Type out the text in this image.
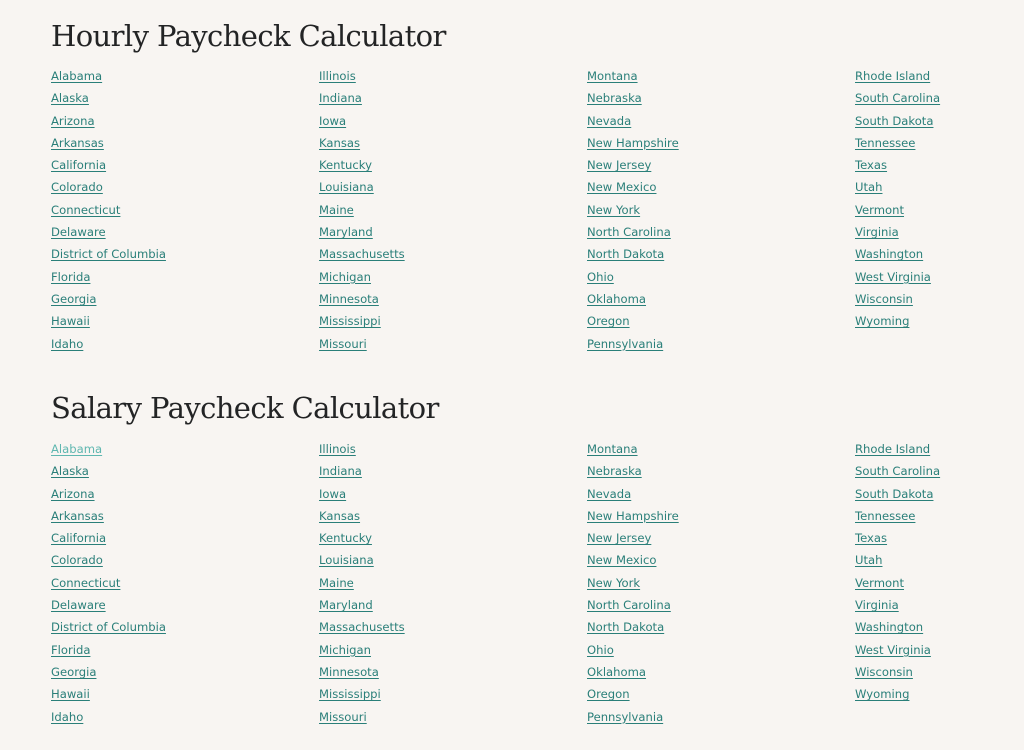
Hourly Paycheck Calculator
Alabama
Alaska
Arizona
Arkansas
California
Colorado
Connecticut
Delaware
District of Columbia
Florida
Georgia
Hawaii
Idaho
Illinois
Indiana
Iowa
Kansas
Kentucky
Louisiana
Maine
Maryland
Massachusetts
Michigan
Minnesota
Mississippi
Missouri
Montana
Nebraska
Nevada
New Hampshire
New Jersey
New Mexico
New York
North Carolina
North Dakota
Ohio
Oklahoma
Oregon
Pennsylvania
Rhode Island
South Carolina
South Dakota
Tennessee
Texas
Utah
Vermont
Virginia
Washington
West Virginia
Wisconsin
Wyoming
Salary Paycheck Calculator
Alabama
Alaska
Arizona
Arkansas
California
Colorado
Connecticut
Delaware
District of Columbia
Florida
Georgia
Hawaii
Idaho
Illinois
Indiana
Iowa
Kansas
Kentucky
Louisiana
Maine
Maryland
Massachusetts
Michigan
Minnesota
Mississippi
Missouri
Montana
Nebraska
Nevada
New Hampshire
New Jersey
New Mexico
New York
North Carolina
North Dakota
Ohio
Oklahoma
Oregon
Pennsylvania
Rhode Island
South Carolina
South Dakota
Tennessee
Texas
Utah
Vermont
Virginia
Washington
West Virginia
Wisconsin
Wyoming
